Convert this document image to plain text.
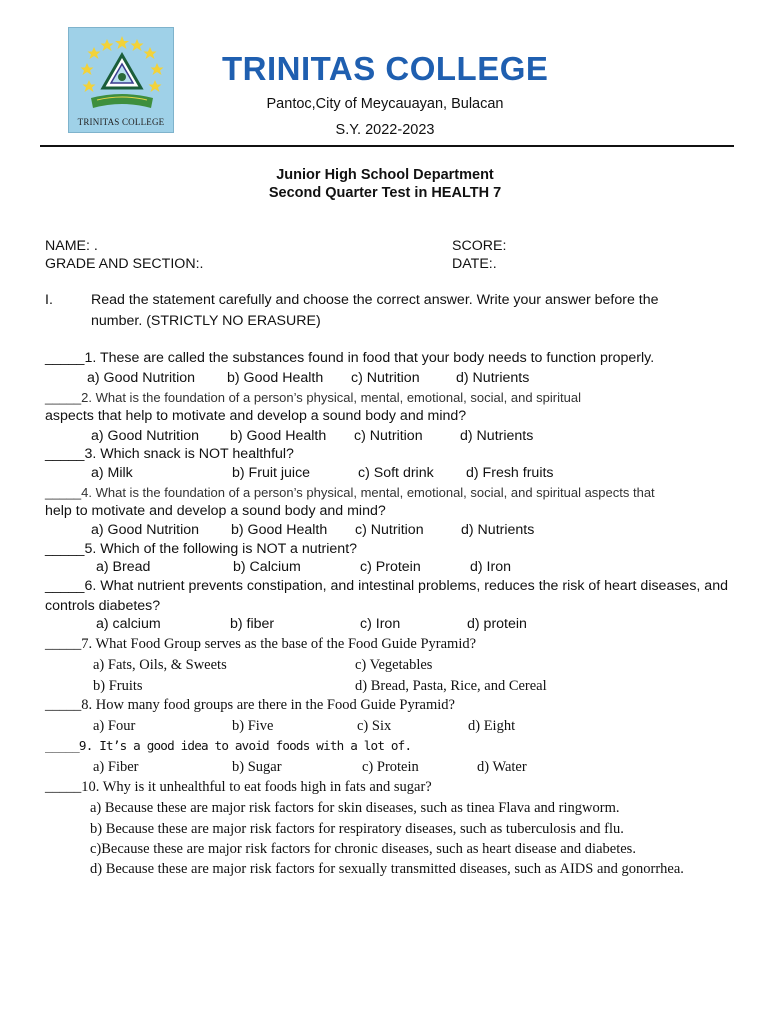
TRINITAS COLLEGE
TRINITAS COLLEGE
Pantoc,City of Meycauayan, Bulacan
S.Y. 2022-2023
Junior High School Department
Second Quarter Test in HEALTH 7
NAME: .	SCORE:
GRADE AND SECTION:.	DATE:.
I.	Read the statement carefully and choose the correct answer. Write your answer before the
number. (STRICTLY NO ERASURE)
_____1. These are called the substances found in food that your body needs to function properly.
a) Good Nutrition b) Good Health c) Nutrition	d) Nutrients
_____2. What is the foundation of a person’s physical, mental, emotional, social, and spiritual
aspects that help to motivate and develop a sound body and mind?
a) Good Nutrition b) Good Health c) Nutrition	d) Nutrients
_____3. Which snack is NOT healthful?
a) Milk	b) Fruit juice	c) Soft drink d) Fresh fruits
_____4. What is the foundation of a person’s physical, mental, emotional, social, and spiritual aspects that
help to motivate and develop a sound body and mind?
a) Good Nutrition b) Good Health c) Nutrition	d) Nutrients
_____5. Which of the following is NOT a nutrient?
a) Bread	b) Calcium	c) Protein	d) Iron
_____6. What nutrient prevents constipation, and intestinal problems, reduces the risk of heart diseases, and
controls diabetes?
a) calcium	b) fiber	c) Iron	d) protein
_____7. What Food Group serves as the base of the Food Guide Pyramid?
a) Fats, Oils, & Sweets	c) Vegetables
b) Fruits	d) Bread, Pasta, Rice, and Cereal
_____8. How many food groups are there in the Food Guide Pyramid?
a) Four	b) Five	c) Six	d) Eight
_____9. It’s a good idea to avoid foods with a lot of.
a) Fiber	b) Sugar	c) Protein	d) Water
_____10. Why is it unhealthful to eat foods high in fats and sugar?
a) Because these are major risk factors for skin diseases, such as tinea Flava and ringworm.
b) Because these are major risk factors for respiratory diseases, such as tuberculosis and flu.
c)Because these are major risk factors for chronic diseases, such as heart disease and diabetes.
d) Because these are major risk factors for sexually transmitted diseases, such as AIDS and gonorrhea.
